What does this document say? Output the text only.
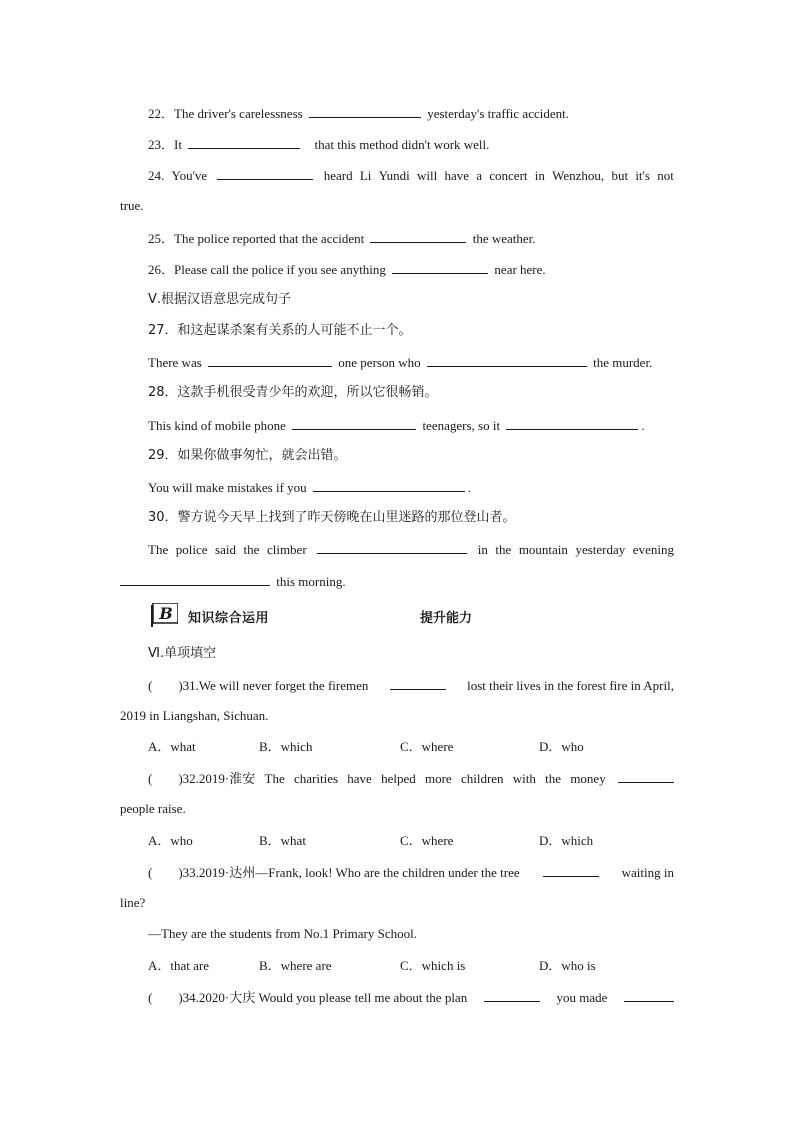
22．The driver's carelessness	yesterday's traffic accident.
23．It	that this method didn't work well.
24. You've	heard Li Yundi will have a concert in Wenzhou, but it's not
true.
25．The police reported that the accident	the weather.
26．Please call the police if you see anything	near here.
Ⅴ.根据汉语意思完成句子
27．和这起谋杀案有关系的人可能不止一个。
There was	one person who	the murder.
28．这款手机很受青少年的欢迎，所以它很畅销。
This kind of mobile phone	teenagers, so it	.
29．如果你做事匆忙，就会出错。
You will make mistakes if you	.
30．警方说今天早上找到了昨天傍晚在山里迷路的那位登山者。
The police said the climber	in the mountain yesterday evening
this morning.
B 知识综合运用	提升能力
Ⅵ.单项填空
(　　)31.We will never forget the firemen	lost their lives in the forest fire in April,
2019 in Liangshan, Sichuan.
A．what	B．which	C．where	D．who
(　　)32.2019·淮安 The charities have helped more children with the money
people raise.
A．who	B．what	C．where	D．which
(　　)33.2019·达州—Frank, look! Who are the children under the tree	waiting in
line?
—They are the students from No.1 Primary School.
A．that are	B．where are	C．which is	D．who is
(　　)34.2020·大庆 Would you please tell me about the plan	you made
